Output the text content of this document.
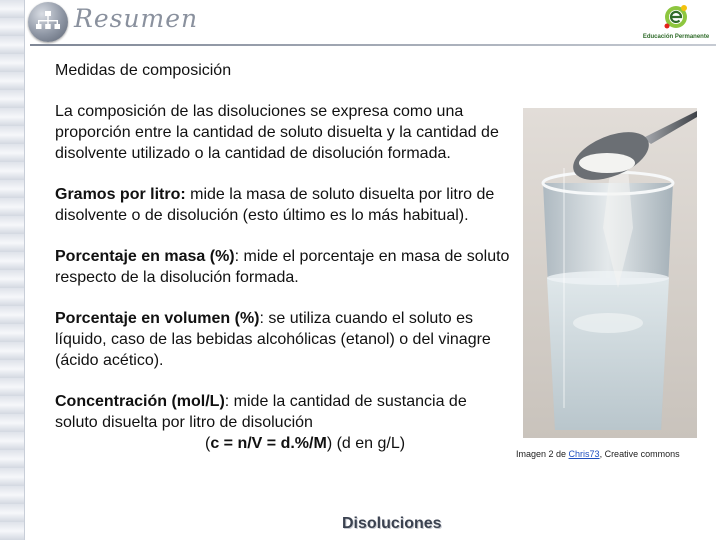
Resumen
Educación Permanente
Medidas de composición

La composición de las disoluciones se expresa como una proporción entre la cantidad de soluto disuelta y la cantidad de disolvente utilizado o la cantidad de disolución formada.

Gramos por litro: mide la masa de soluto disuelta por litro de disolvente o de disolución (esto último es lo más habitual).

Porcentaje en masa (%): mide el porcentaje en masa de soluto respecto de la disolución formada.

Porcentaje en volumen (%): se utiliza cuando el soluto es líquido, caso de las bebidas alcohólicas (etanol) o del vinagre (ácido acético).

Concentración (mol/L): mide la cantidad de sustancia de soluto disuelta por litro de disolución
(c = n/V = d.%/M) (d en g/L)

Imagen 2 de Chris73, Creative commons
Disoluciones
